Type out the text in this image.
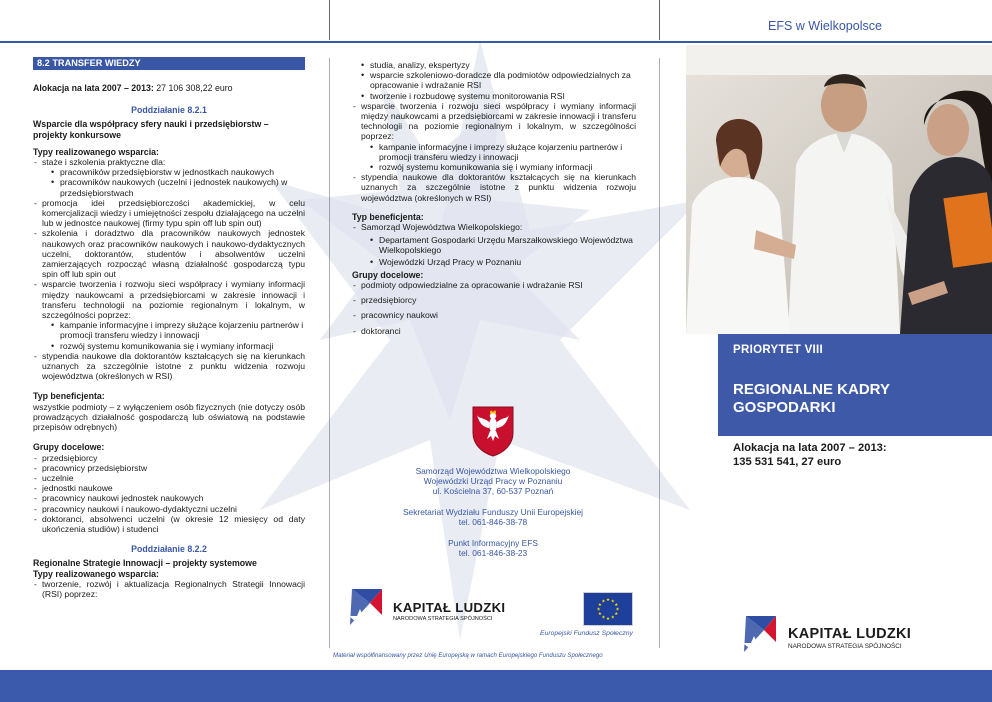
8.2 TRANSFER WIEDZY
Alokacja na lata 2007 – 2013: 27 106 308,22 euro
Poddziałanie 8.2.1
Wsparcie dla współpracy sfery nauki i przedsiębiorstw – projekty konkursowe
Typy realizowanego wsparcia:
- staże i szkolenia praktyczne dla:
• pracowników przedsiębiorstw w jednostkach naukowych
• pracowników naukowych (uczelni i jednostek naukowych) w przedsiębiorstwach
- promocja idei przedsiębiorczości akademickiej, w celu komercjalizacji wiedzy i umiejętności zespołu działającego na uczelni lub w jednostce naukowej (firmy typu spin off lub spin out)
- szkolenia i doradztwo dla pracowników naukowych jednostek naukowych oraz pracowników naukowych i naukowo-dydaktycznych uczelni, doktorantów, studentów i absolwentów uczelni zamierzających rozpocząć własną działalność gospodarczą typu spin off lub spin out
- wsparcie tworzenia i rozwoju sieci współpracy i wymiany informacji między naukowcami a przedsiębiorcami w zakresie innowacji i transferu technologii na poziomie regionalnym i lokalnym, w szczególności poprzez:
• kampanie informacyjne i imprezy służące kojarzeniu partnerów i promocji transferu wiedzy i innowacji
• rozwój systemu komunikowania się i wymiany informacji
- stypendia naukowe dla doktorantów kształcących się na kierunkach uznanych za szczególnie istotne z punktu widzenia rozwoju województwa (określonych w RSI)
Typ beneficjenta:
wszystkie podmioty – z wyłączeniem osób fizycznych (nie dotyczy osób prowadzących działalność gospodarczą lub oświatową na podstawie przepisów odrębnych)
Grupy docelowe:
- przedsiębiorcy
- pracownicy przedsiębiorstw
- uczelnie
- jednostki naukowe
- pracownicy naukowi jednostek naukowych
- pracownicy naukowi i naukowo-dydaktyczni uczelni
- doktoranci, absolwenci uczelni (w okresie 12 miesięcy od daty ukończenia studiów) i studenci
Poddziałanie 8.2.2
Regionalne Strategie Innowacji – projekty systemowe
Typy realizowanego wsparcia:
- tworzenie, rozwój i aktualizacja Regionalnych Strategii Innowacji (RSI) poprzez:
• studia, analizy, ekspertyzy
• wsparcie szkoleniowo-doradcze dla podmiotów odpowiedzialnych za opracowanie i wdrażanie RSI
• tworzenie i rozbudowę systemu monitorowania RSI
- wsparcie tworzenia i rozwoju sieci współpracy i wymiany informacji między naukowcami a przedsiębiorcami w zakresie innowacji i transferu technologii na poziomie regionalnym i lokalnym, w szczególności poprzez:
• kampanie informacyjne i imprezy służące kojarzeniu partnerów i promocji transferu wiedzy i innowacji
• rozwój systemu komunikowania się i wymiany informacji
- stypendia naukowe dla doktorantów kształcących się na kierunkach uznanych za szczególnie istotne z punktu widzenia rozwoju województwa (określonych w RSI)
Typ beneficjenta:
- Samorząd Województwa Wielkopolskiego:
• Departament Gospodarki Urzędu Marszałkowskiego Województwa Wielkopolskiego
• Wojewódzki Urząd Pracy w Poznaniu
Grupy docelowe:
- podmioty odpowiedzialne za opracowanie i wdrażanie RSI
- przedsiębiorcy
- pracownicy naukowi
- doktoranci
Samorząd Województwa Wielkopolskiego
Wojewódzki Urząd Pracy w Poznaniu
ul. Kościelna 37, 60-537 Poznań
Sekretariat Wydziału Funduszy Unii Europejskiej
tel. 061-846-38-78
Punkt Informacyjny EFS
tel. 061-846-38-23
KAPITAŁ LUDZKI
NARODOWA STRATEGIA SPÓJNOŚCI
★
★
★
★
★
★
★
★
★ ★ ★
★
Europejski Fundusz Społeczny
Materiał współfinansowany przez Unię Europejską w ramach Europejskiego Funduszu Społecznego
EFS w Wielkopolsce
PRIORYTET VIII
REGIONALNE KADRY GOSPODARKI
Alokacja na lata 2007 – 2013:
135 531 541, 27 euro
KAPITAŁ LUDZKI
NARODOWA STRATEGIA SPÓJNOŚCI
